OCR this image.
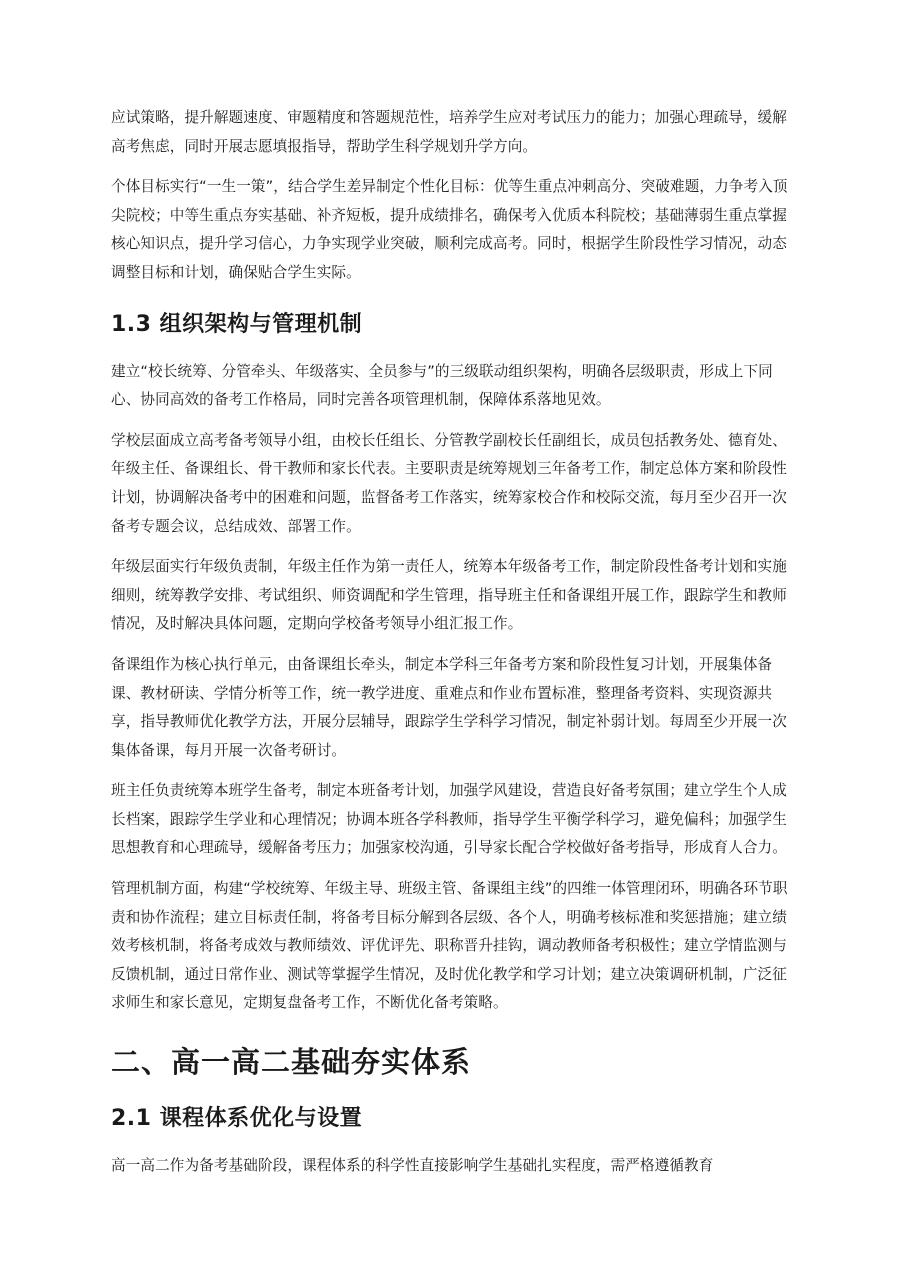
应试策略，提升解题速度、审题精度和答题规范性，培养学生应对考试压力的能力；加强心理疏导，缓解高考焦虑，同时开展志愿填报指导，帮助学生科学规划升学方向。

个体目标实行“一生一策”，结合学生差异制定个性化目标：优等生重点冲刺高分、突破难题，力争考入顶尖院校；中等生重点夯实基础、补齐短板，提升成绩排名，确保考入优质本科院校；基础薄弱生重点掌握核心知识点，提升学习信心，力争实现学业突破，顺利完成高考。同时，根据学生阶段性学习情况，动态调整目标和计划，确保贴合学生实际。

1.3 组织架构与管理机制

建立“校长统筹、分管牵头、年级落实、全员参与”的三级联动组织架构，明确各层级职责，形成上下同心、协同高效的备考工作格局，同时完善各项管理机制，保障体系落地见效。

学校层面成立高考备考领导小组，由校长任组长、分管教学副校长任副组长，成员包括教务处、德育处、年级主任、备课组长、骨干教师和家长代表。主要职责是统筹规划三年备考工作，制定总体方案和阶段性计划，协调解决备考中的困难和问题，监督备考工作落实，统筹家校合作和校际交流，每月至少召开一次备考专题会议，总结成效、部署工作。

年级层面实行年级负责制，年级主任作为第一责任人，统筹本年级备考工作，制定阶段性备考计划和实施细则，统筹教学安排、考试组织、师资调配和学生管理，指导班主任和备课组开展工作，跟踪学生和教师情况，及时解决具体问题，定期向学校备考领导小组汇报工作。

备课组作为核心执行单元，由备课组长牵头，制定本学科三年备考方案和阶段性复习计划，开展集体备课、教材研读、学情分析等工作，统一教学进度、重难点和作业布置标准，整理备考资料、实现资源共享，指导教师优化教学方法，开展分层辅导，跟踪学生学科学习情况，制定补弱计划。每周至少开展一次集体备课，每月开展一次备考研讨。

班主任负责统筹本班学生备考，制定本班备考计划，加强学风建设，营造良好备考氛围；建立学生个人成长档案，跟踪学生学业和心理情况；协调本班各学科教师，指导学生平衡学科学习，避免偏科；加强学生思想教育和心理疏导，缓解备考压力；加强家校沟通，引导家长配合学校做好备考指导，形成育人合力。

管理机制方面，构建“学校统筹、年级主导、班级主管、备课组主线”的四维一体管理闭环，明确各环节职责和协作流程；建立目标责任制，将备考目标分解到各层级、各个人，明确考核标准和奖惩措施；建立绩效考核机制，将备考成效与教师绩效、评优评先、职称晋升挂钩，调动教师备考积极性；建立学情监测与反馈机制，通过日常作业、测试等掌握学生情况，及时优化教学和学习计划；建立决策调研机制，广泛征求师生和家长意见，定期复盘备考工作，不断优化备考策略。

二、高一高二基础夯实体系
2.1 课程体系优化与设置

高一高二作为备考基础阶段，课程体系的科学性直接影响学生基础扎实程度，需严格遵循教育
